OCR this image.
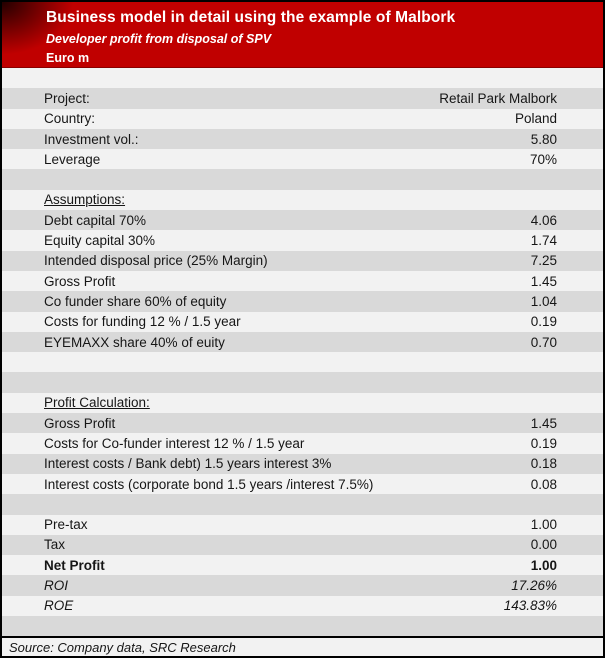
Business model in detail using the example of Malbork
Developer profit from disposal of SPV
Euro m
Project:	Retail Park Malbork
Country:	Poland
Investment vol.:	5.80
Leverage	70%
Assumptions:
Debt capital 70%	4.06
Equity capital 30%	1.74
Intended disposal price (25% Margin)	7.25
Gross Profit	1.45
Co funder share 60% of equity	1.04
Costs for funding 12 % / 1.5 year	0.19
EYEMAXX share 40% of euity	0.70
Profit Calculation:
Gross Profit	1.45
Costs for Co-funder interest 12 % / 1.5 year	0.19
Interest costs / Bank debt) 1.5 years interest 3%	0.18
Interest costs (corporate bond 1.5 years /interest 7.5%)	0.08
Pre-tax	1.00
Tax	0.00
Net Profit	1.00
ROI	17.26%
ROE	143.83%
Source: Company data, SRC Research
